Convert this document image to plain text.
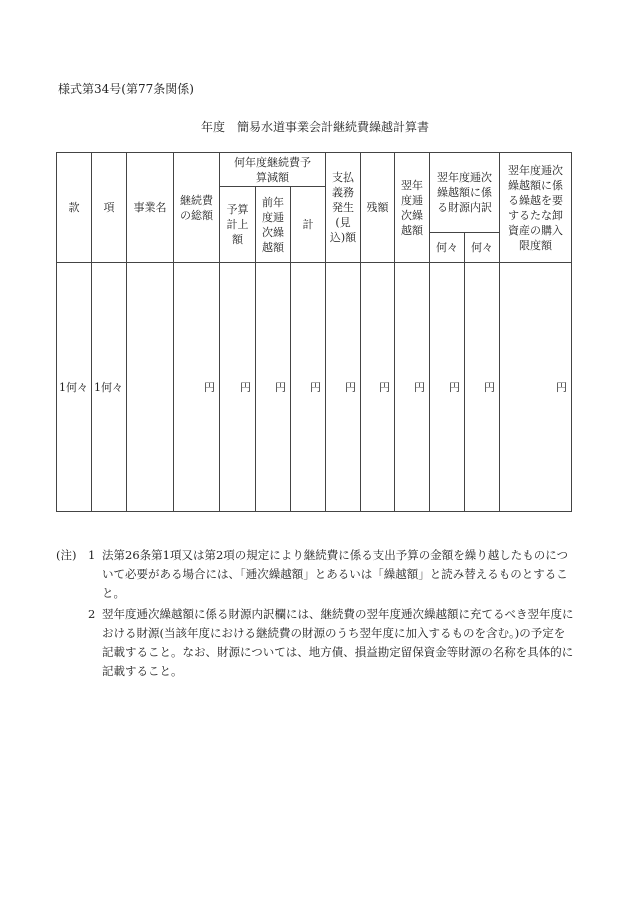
様式第34号(第77条関係)
年度　簡易水道事業会計継続費繰越計算書
款	項	事業名	継続費の総額	何年度継続費予算減額			支払義務発生(見込)額	残額	翌年度逓次繰越額	翌年度逓次繰越額に係る財源内訳		翌年度逓次繰越額に係る繰越を要するたな卸資産の購入限度額
				予算計上額	前年度逓次繰越額	計						
										何々	何々	
1何々	1何々		円	円	円	円	円	円	円	円	円	円
(注) 1 法第26条第1項又は第2項の規定により継続費に係る支出予算の金額を繰り越したものについて必要がある場合には、「逓次繰越額」とあるいは「繰越額」と読み替えるものとすること。
2 翌年度逓次繰越額に係る財源内訳欄には、継続費の翌年度逓次繰越額に充てるべき翌年度における財源(当該年度における継続費の財源のうち翌年度に加入するものを含む。)の予定を記載すること。なお、財源については、地方債、損益勘定留保資金等財源の名称を具体的に記載すること。
